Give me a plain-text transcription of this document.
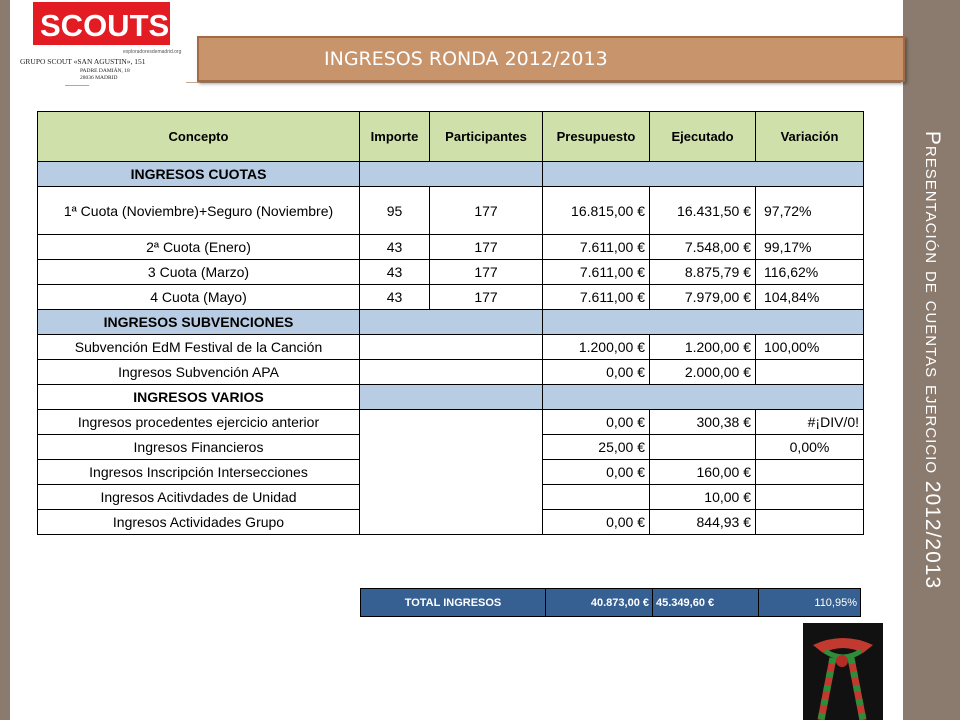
Presentación de cuentas ejercicio 2012/2013
SCOUTS
exploradoresdemadrid.org
GRUPO SCOUT «SAN AGUSTIN», 151
PADRE DAMIÁN, 18
28036 MADRID
INGRESOS RONDA 2012/2013
Concepto	Importe	Participantes	Presupuesto	Ejecutado	Variación
INGRESOS CUOTAS					
1ª Cuota (Noviembre)+Seguro (Noviembre)	95	177	16.815,00 €	16.431,50 €	97,72%
2ª Cuota (Enero)	43	177	7.611,00 €	7.548,00 €	99,17%
3 Cuota (Marzo)	43	177	7.611,00 €	8.875,79 €	116,62%
4 Cuota (Mayo)	43	177	7.611,00 €	7.979,00 €	104,84%
INGRESOS SUBVENCIONES					
Subvención EdM Festival de la Canción			1.200,00 €	1.200,00 €	100,00%
Ingresos Subvención APA			0,00 €	2.000,00 €	
INGRESOS VARIOS					
Ingresos procedentes ejercicio anterior			0,00 €	300,38 €	#¡DIV/0!
Ingresos Financieros			25,00 €		0,00%
Ingresos Inscripción Intersecciones			0,00 €	160,00 €	
Ingresos Acitivdades de Unidad				10,00 €	
Ingresos Actividades Grupo			0,00 €	844,93 €	
TOTAL INGRESOS	40.873,00 €	45.349,60 €	110,95%
